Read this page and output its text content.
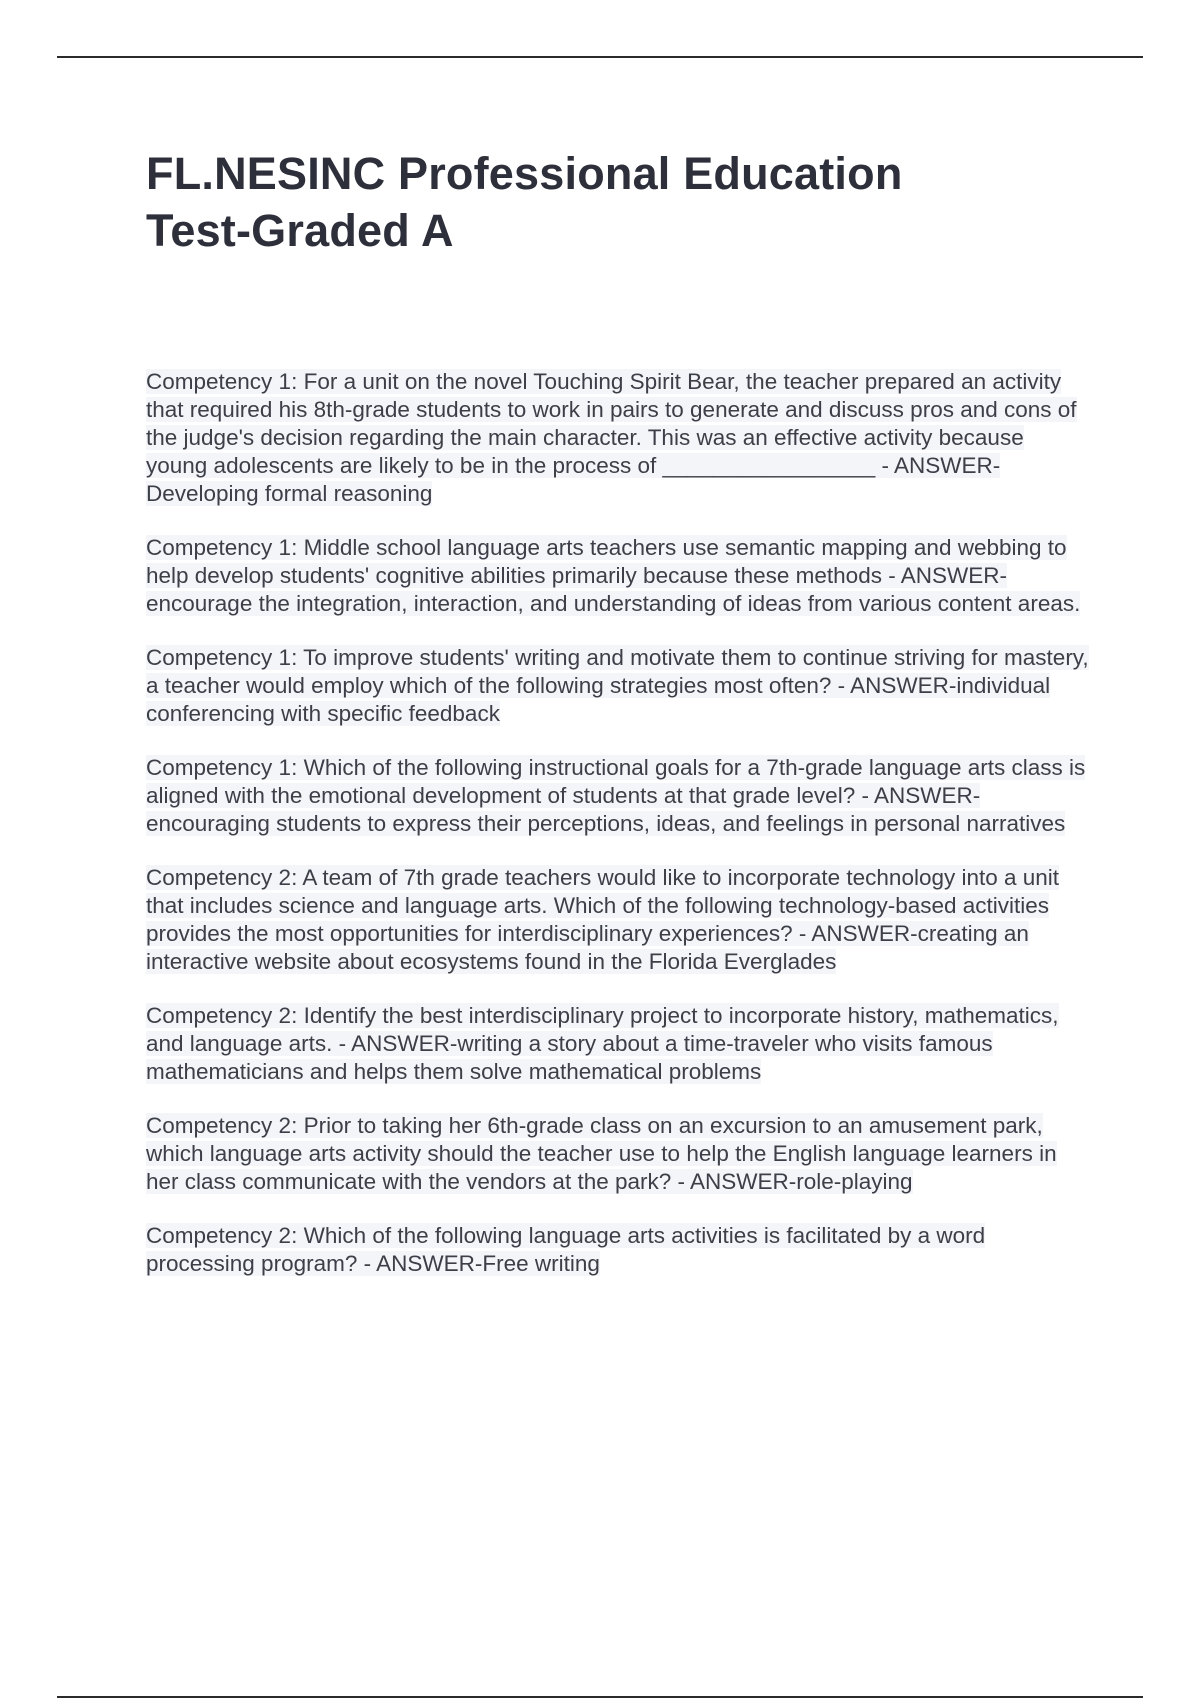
FL.NESINC Professional Education
Test-Graded A

Competency 1: For a unit on the novel Touching Spirit Bear, the teacher prepared an activity that required his 8th-grade students to work in pairs to generate and discuss pros and cons of the judge's decision regarding the main character. This was an effective activity because young adolescents are likely to be in the process of _________________ - ANSWER-Developing formal reasoning

Competency 1: Middle school language arts teachers use semantic mapping and webbing to help develop students' cognitive abilities primarily because these methods - ANSWER-encourage the integration, interaction, and understanding of ideas from various content areas.

Competency 1: To improve students' writing and motivate them to continue striving for mastery, a teacher would employ which of the following strategies most often? - ANSWER-individual conferencing with specific feedback

Competency 1: Which of the following instructional goals for a 7th-grade language arts class is aligned with the emotional development of students at that grade level? - ANSWER-encouraging students to express their perceptions, ideas, and feelings in personal narratives

Competency 2: A team of 7th grade teachers would like to incorporate technology into a unit that includes science and language arts. Which of the following technology-based activities provides the most opportunities for interdisciplinary experiences? - ANSWER-creating an interactive website about ecosystems found in the Florida Everglades

Competency 2: Identify the best interdisciplinary project to incorporate history, mathematics, and language arts. - ANSWER-writing a story about a time-traveler who visits famous mathematicians and helps them solve mathematical problems

Competency 2: Prior to taking her 6th-grade class on an excursion to an amusement park, which language arts activity should the teacher use to help the English language learners in her class communicate with the vendors at the park? - ANSWER-role-playing

Competency 2: Which of the following language arts activities is facilitated by a word processing program? - ANSWER-Free writing
